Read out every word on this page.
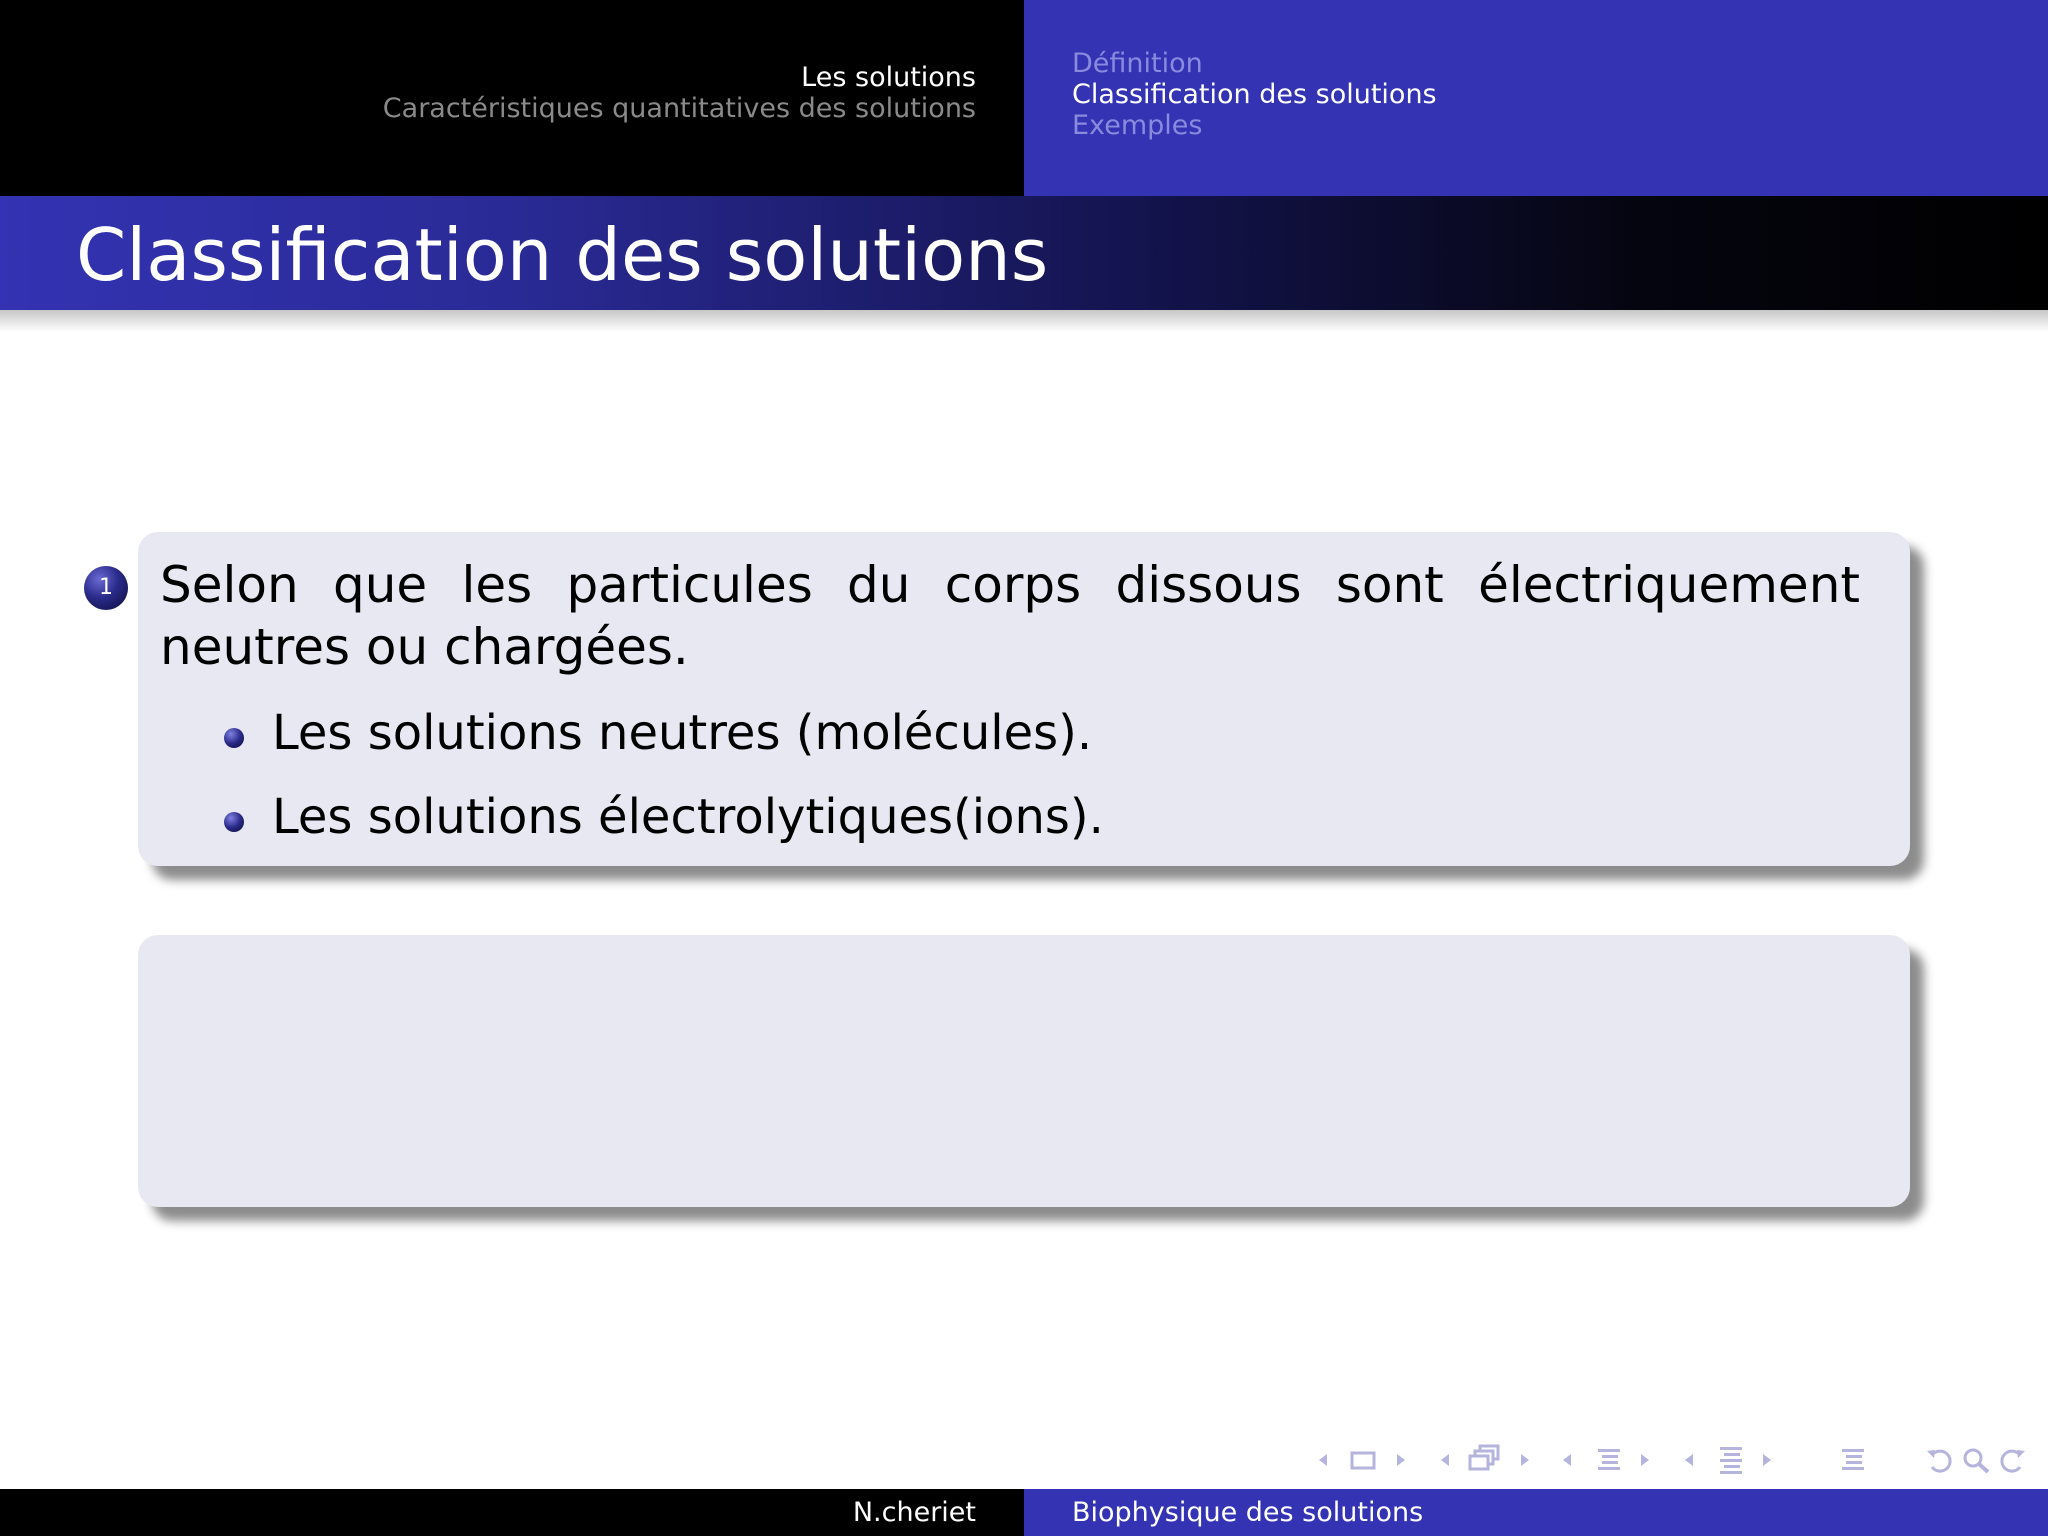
Les solutions
Caractéristiques quantitatives des solutions
Définition
Classification des solutions
Exemples
Classification des solutions
1 Selon que les particules du corps dissous sont électriquement neutres ou chargées.
Les solutions neutres (molécules).
Les solutions électrolytiques(ions).
N.cheriet	Biophysique des solutions
